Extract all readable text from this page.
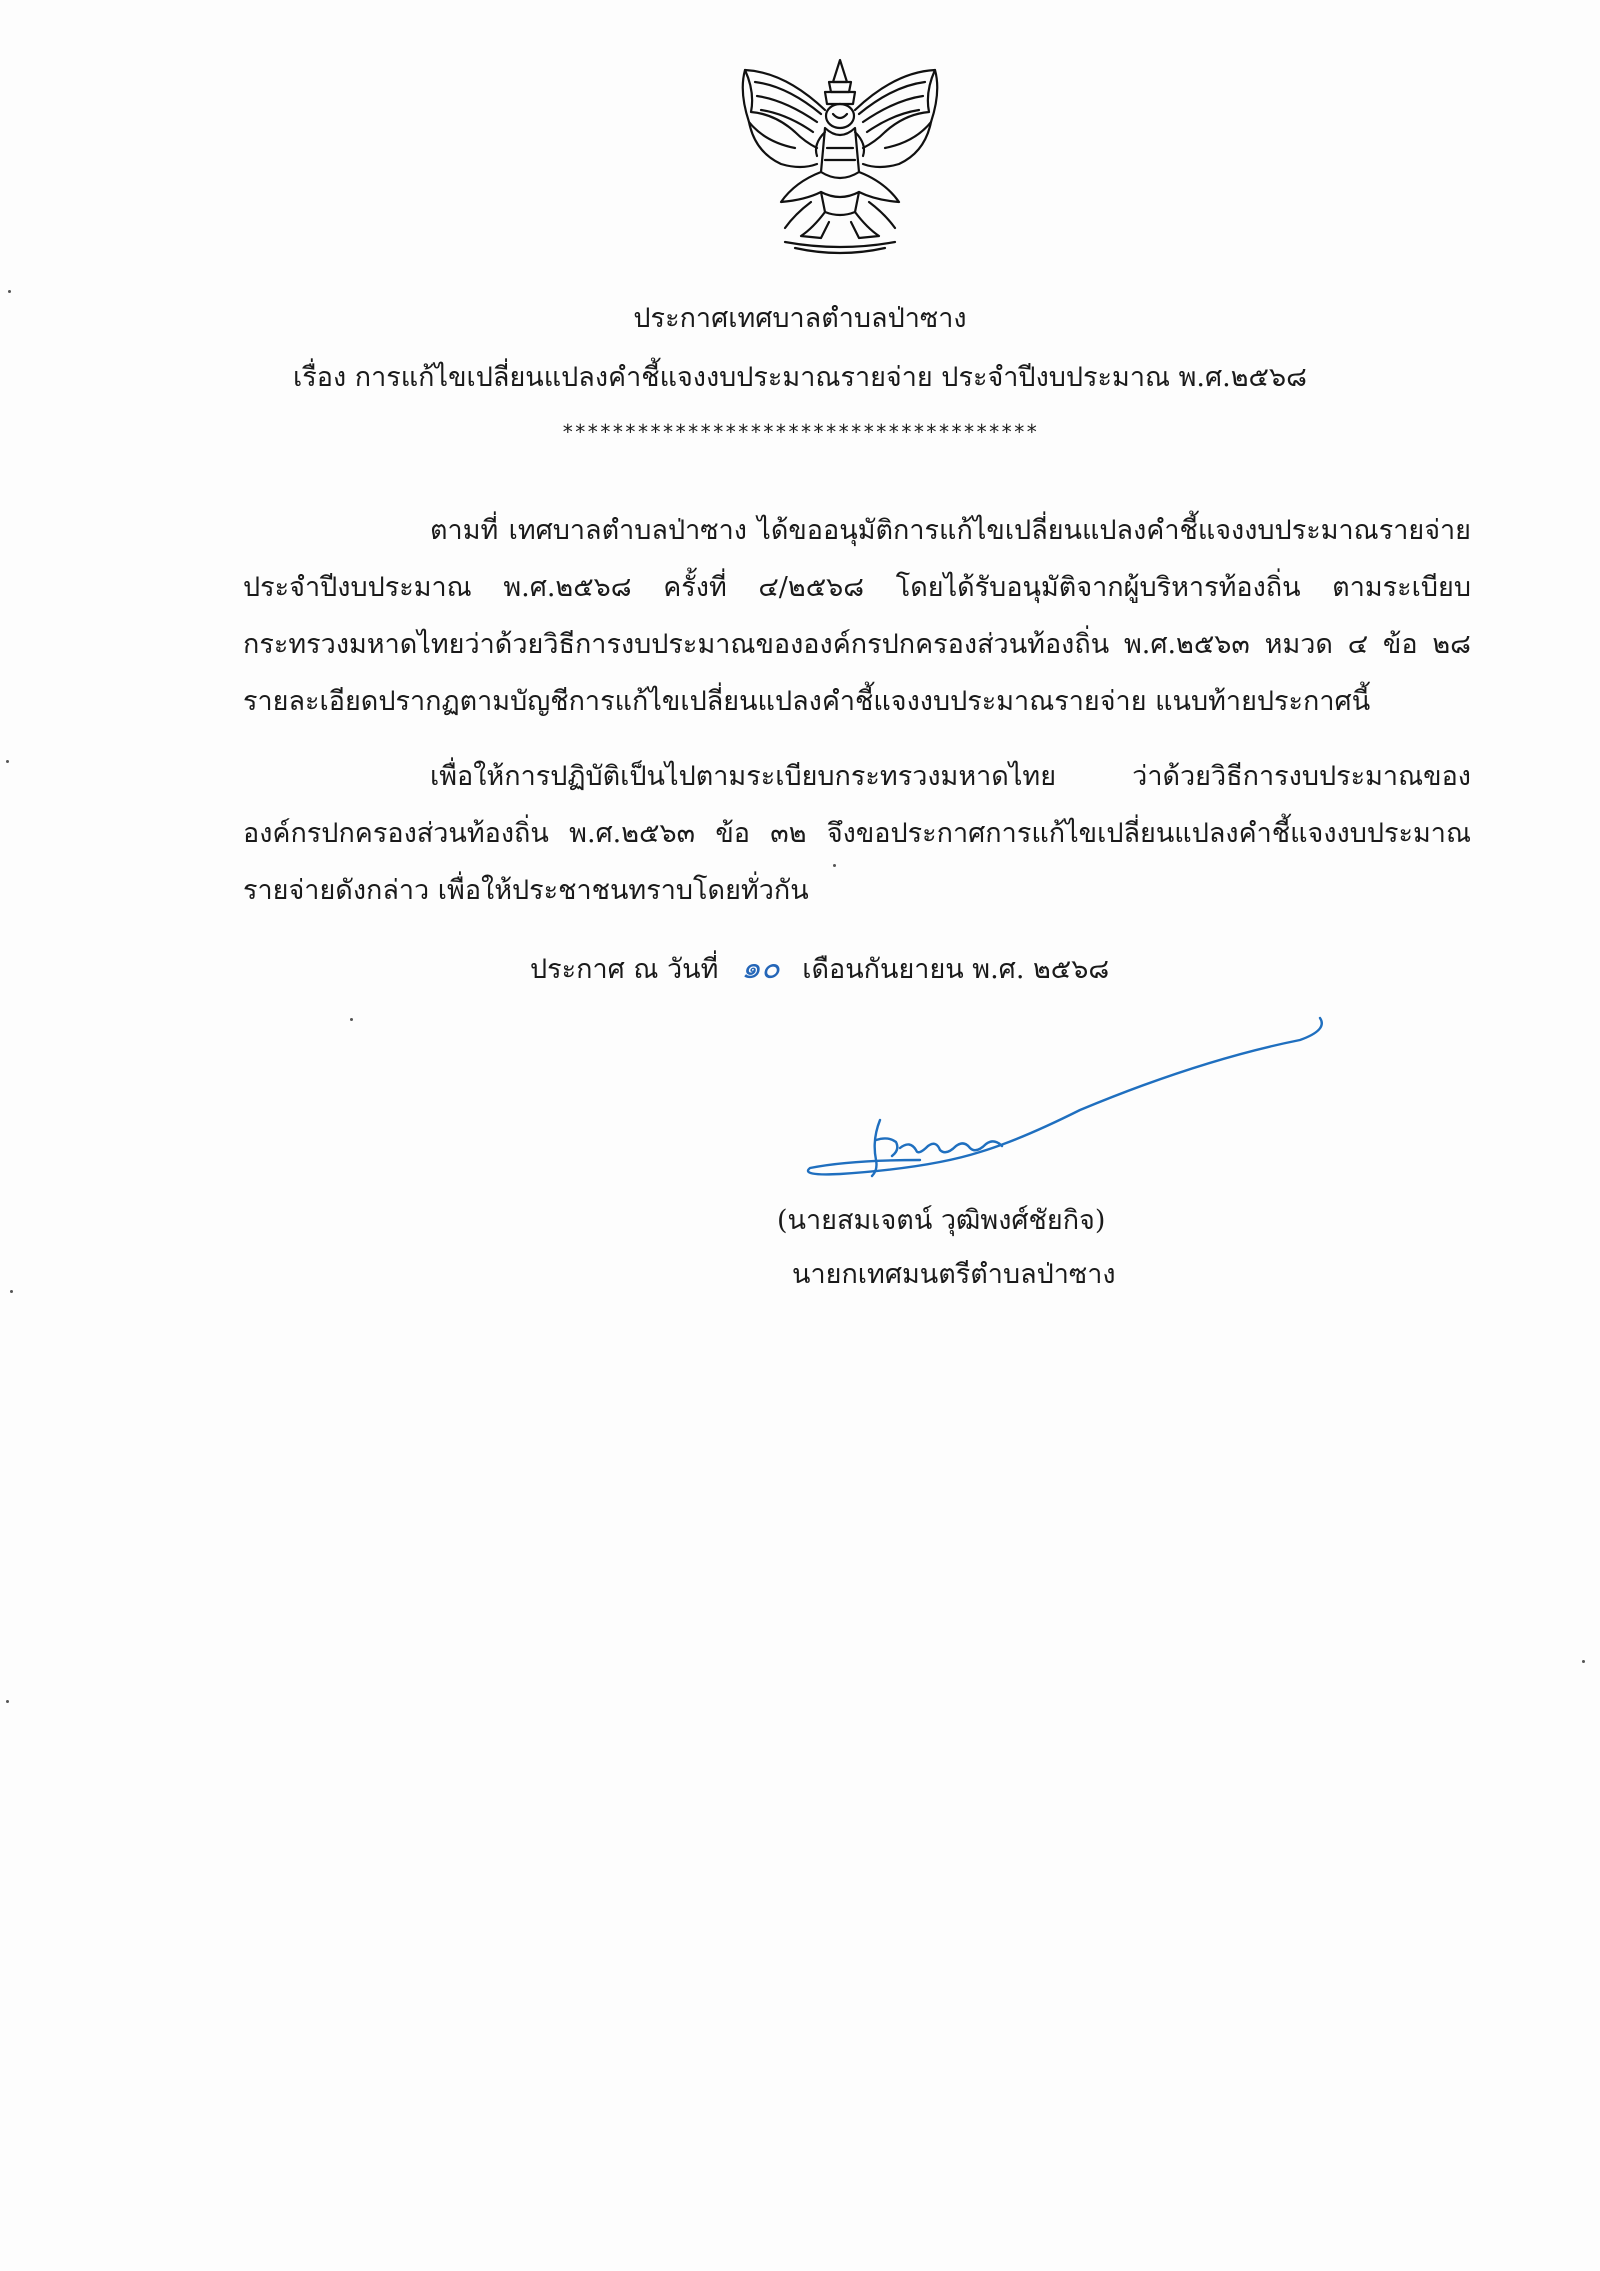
ประกาศเทศบาลตำบลป่าซาง
เรื่อง การแก้ไขเปลี่ยนแปลงคำชี้แจงงบประมาณรายจ่าย ประจำปีงบประมาณ พ.ศ.๒๕๖๘
**************************************
ตามที่ เทศบาลตำบลป่าซาง ได้ขออนุมัติการแก้ไขเปลี่ยนแปลงคำชี้แจงงบประมาณรายจ่าย
ประจำปีงบประมาณ พ.ศ.๒๕๖๘ ครั้งที่ ๔/๒๕๖๘ โดยได้รับอนุมัติจากผู้บริหารท้องถิ่น ตามระเบียบ
กระทรวงมหาดไทยว่าด้วยวิธีการงบประมาณขององค์กรปกครองส่วนท้องถิ่น พ.ศ.๒๕๖๓ หมวด ๔ ข้อ ๒๘
รายละเอียดปรากฏตามบัญชีการแก้ไขเปลี่ยนแปลงคำชี้แจงงบประมาณรายจ่าย แนบท้ายประกาศนี้
เพื่อให้การปฏิบัติเป็นไปตามระเบียบกระทรวงมหาดไทย ว่าด้วยวิธีการงบประมาณของ
องค์กรปกครองส่วนท้องถิ่น พ.ศ.๒๕๖๓ ข้อ ๓๒ จึงขอประกาศการแก้ไขเปลี่ยนแปลงคำชี้แจงงบประมาณ
รายจ่ายดังกล่าว เพื่อให้ประชาชนทราบโดยทั่วกัน
ประกาศ ณ วันที่ ๑๐ เดือนกันยายน พ.ศ. ๒๕๖๘
(นายสมเจตน์ วุฒิพงศ์ชัยกิจ)
นายกเทศมนตรีตำบลป่าซาง
